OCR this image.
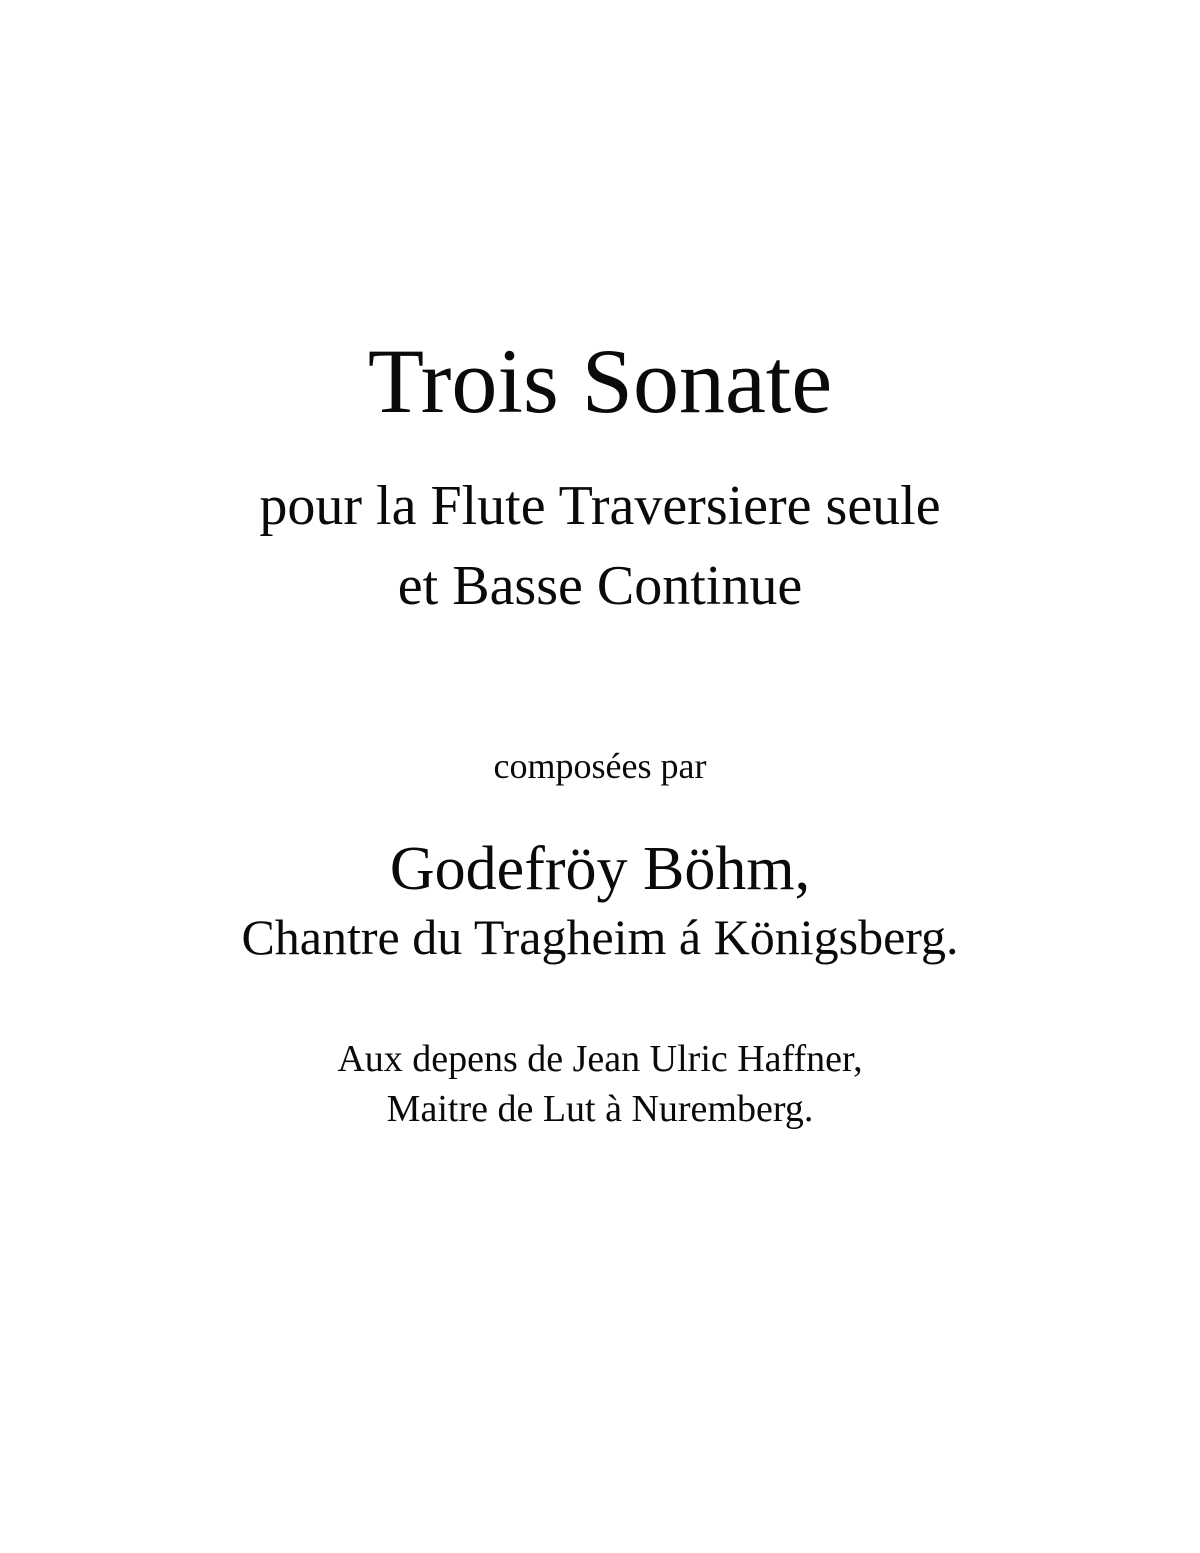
Trois Sonate
pour la Flute Traversiere seule
et Basse Continue
composées par
Godefröy Böhm,
Chantre du Tragheim á Königsberg.
Aux depens de Jean Ulric Haffner,
Maitre de Lut à Nuremberg.
